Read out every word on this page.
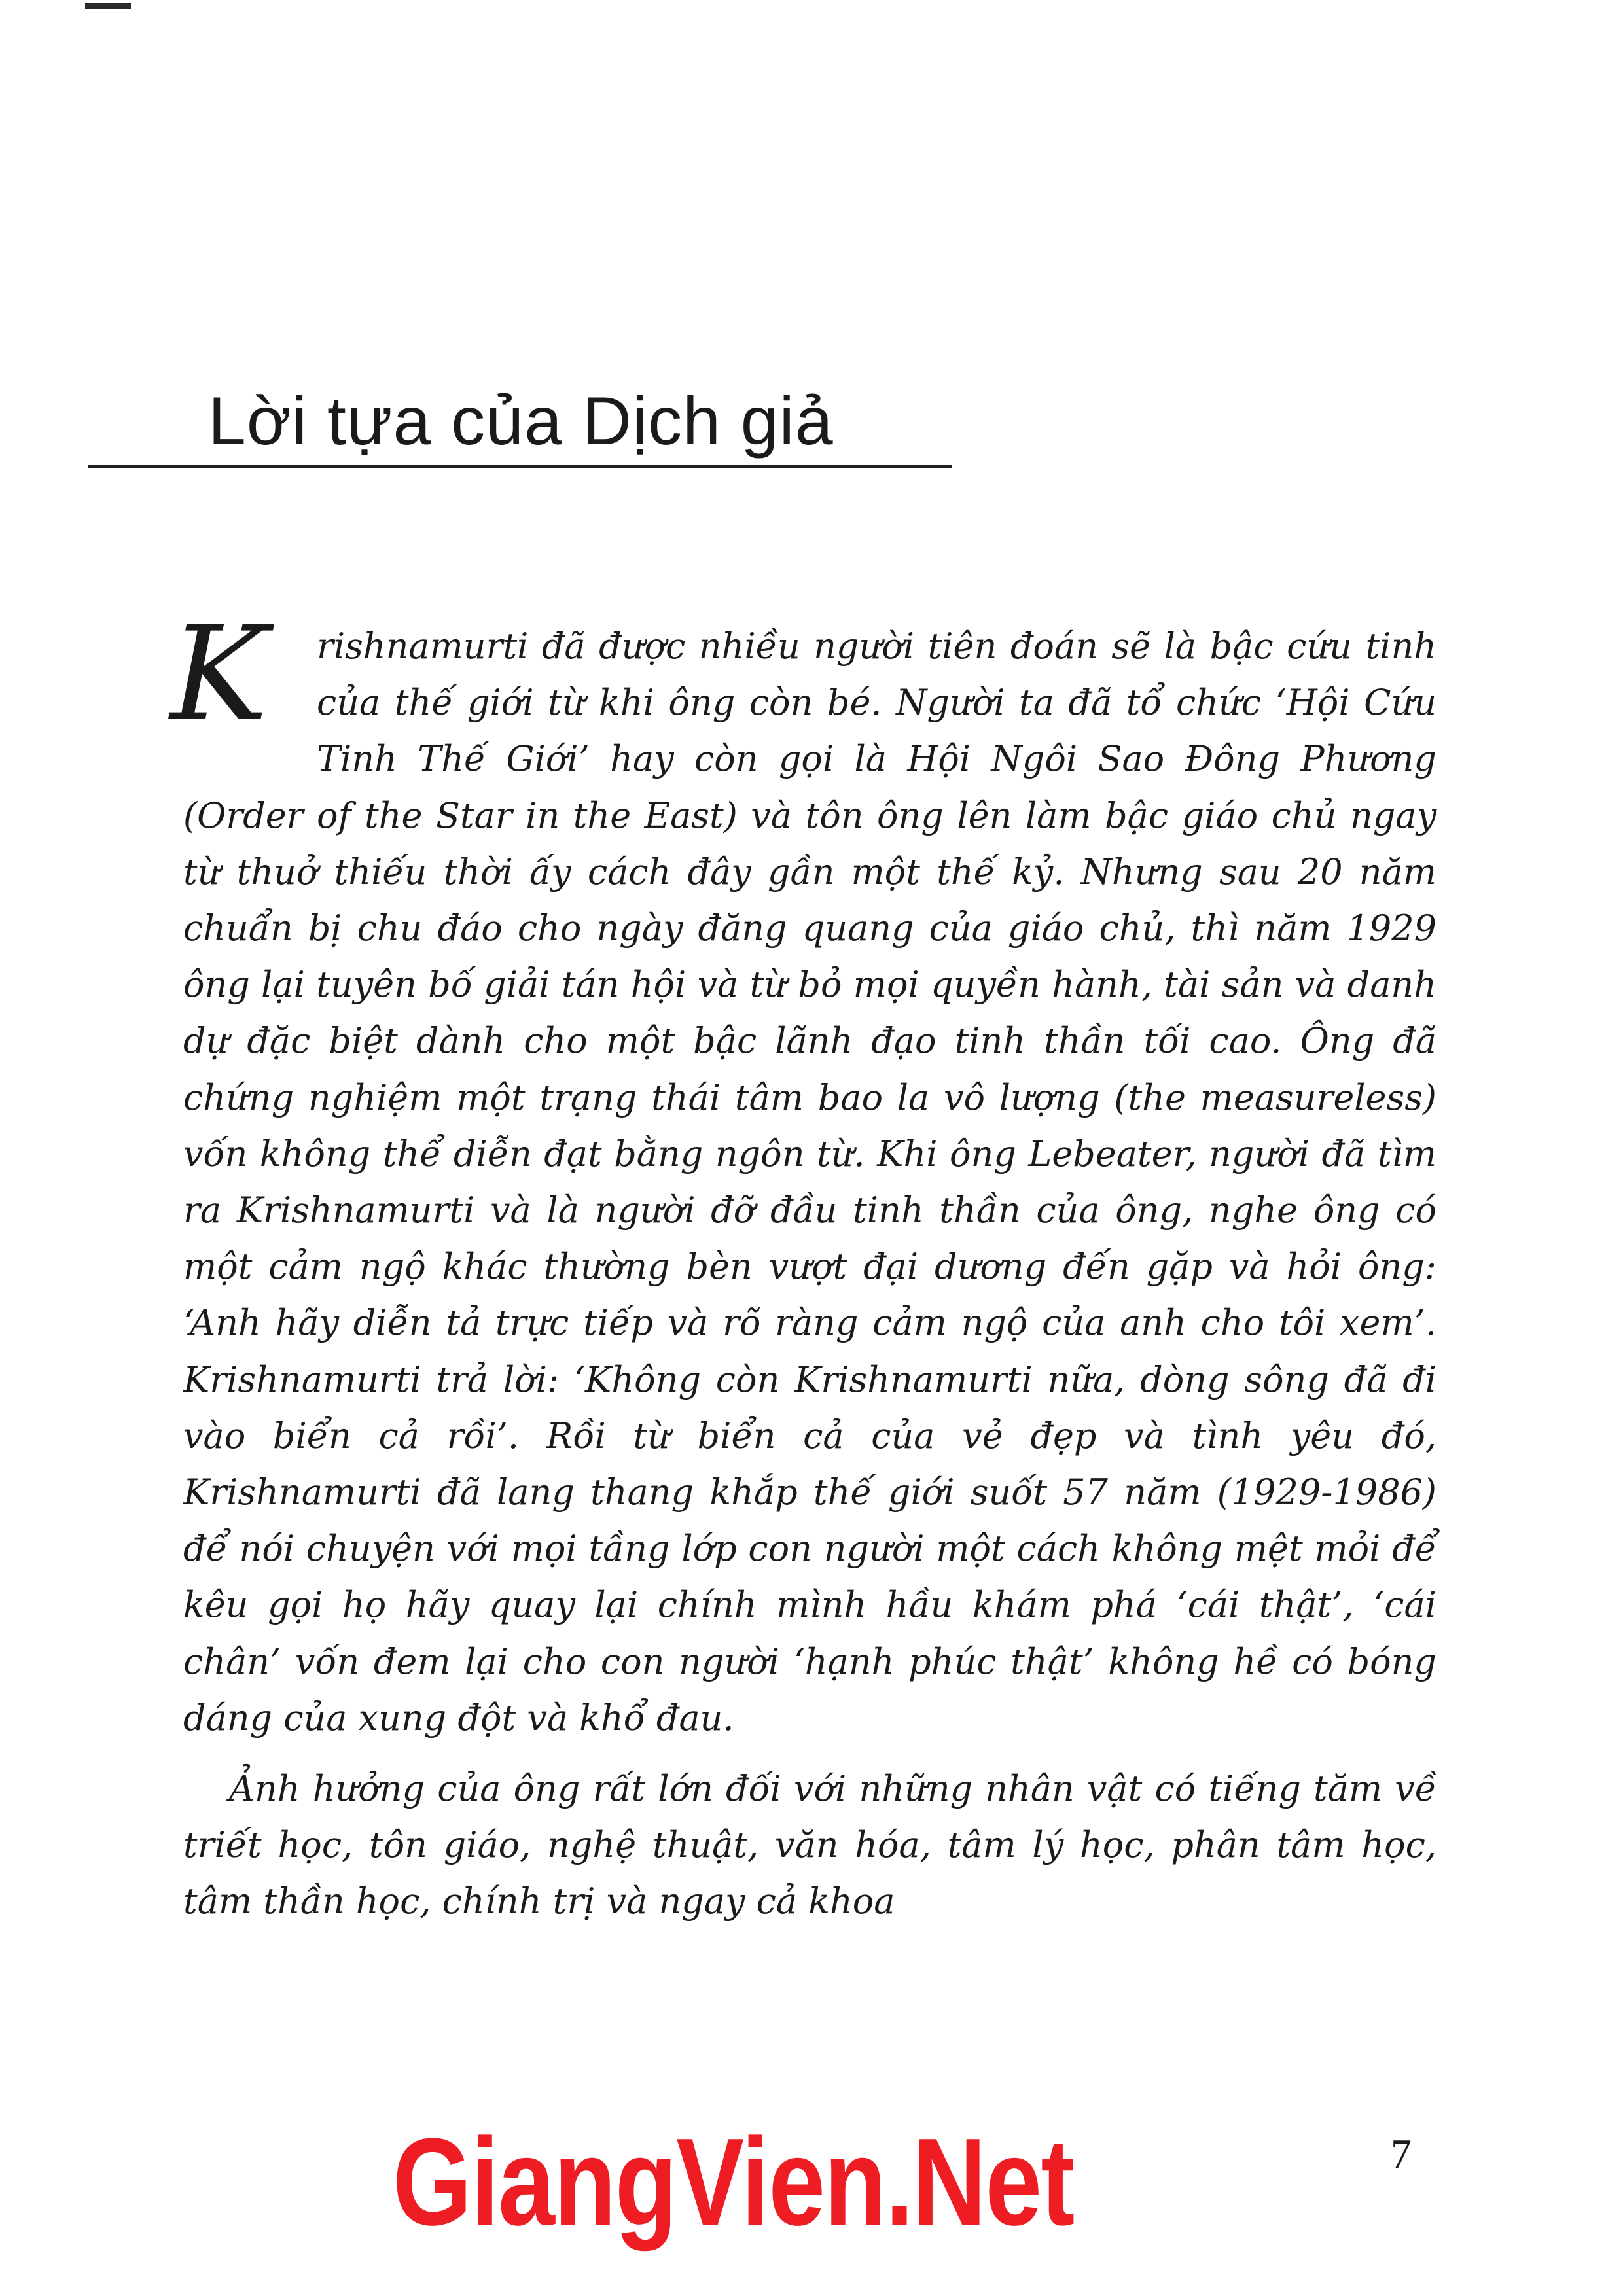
Lời tựa của Dịch giả

K	rishnamurti đã được nhiều người tiên đoán sẽ là bậc cứu tinh của thế giới từ khi ông còn bé. Người ta đã tổ chức ‘Hội Cứu Tinh Thế Giới’ hay còn gọi là Hội Ngôi Sao Đông Phương (Order of the Star in the East) và tôn ông lên làm bậc giáo chủ ngay từ thuở thiếu thời ấy cách đây gần một thế kỷ. Nhưng sau 20 năm chuẩn bị chu đáo cho ngày đăng quang của giáo chủ, thì năm 1929 ông lại tuyên bố giải tán hội và từ bỏ mọi quyền hành, tài sản và danh dự đặc biệt dành cho một bậc lãnh đạo tinh thần tối cao. Ông đã chứng nghiệm một trạng thái tâm bao la vô lượng (the measureless) vốn không thể diễn đạt bằng ngôn từ. Khi ông Lebeater, người đã tìm ra Krishnamurti và là người đỡ đầu tinh thần của ông, nghe ông có một cảm ngộ khác thường bèn vượt đại dương đến gặp và hỏi ông: ‘Anh hãy diễn tả trực tiếp và rõ ràng cảm ngộ của anh cho tôi xem’. Krishnamurti trả lời: ‘Không còn Krishnamurti nữa, dòng sông đã đi vào biển cả rồi’. Rồi từ biển cả của vẻ đẹp và tình yêu đó, Krishnamurti đã lang thang khắp thế giới suốt 57 năm (1929-1986) để nói chuyện với mọi tầng lớp con người một cách không mệt mỏi để kêu gọi họ hãy quay lại chính mình hầu khám phá ‘cái thật’, ‘cái chân’ vốn đem lại cho con người ‘hạnh phúc thật’ không hề có bóng dáng của xung đột và khổ đau.

Ảnh hưởng của ông rất lớn đối với những nhân vật có tiếng tăm về triết học, tôn giáo, nghệ thuật, văn hóa, tâm lý học, phân tâm học, tâm thần học, chính trị và ngay cả khoa

GiangVien.Net	7
